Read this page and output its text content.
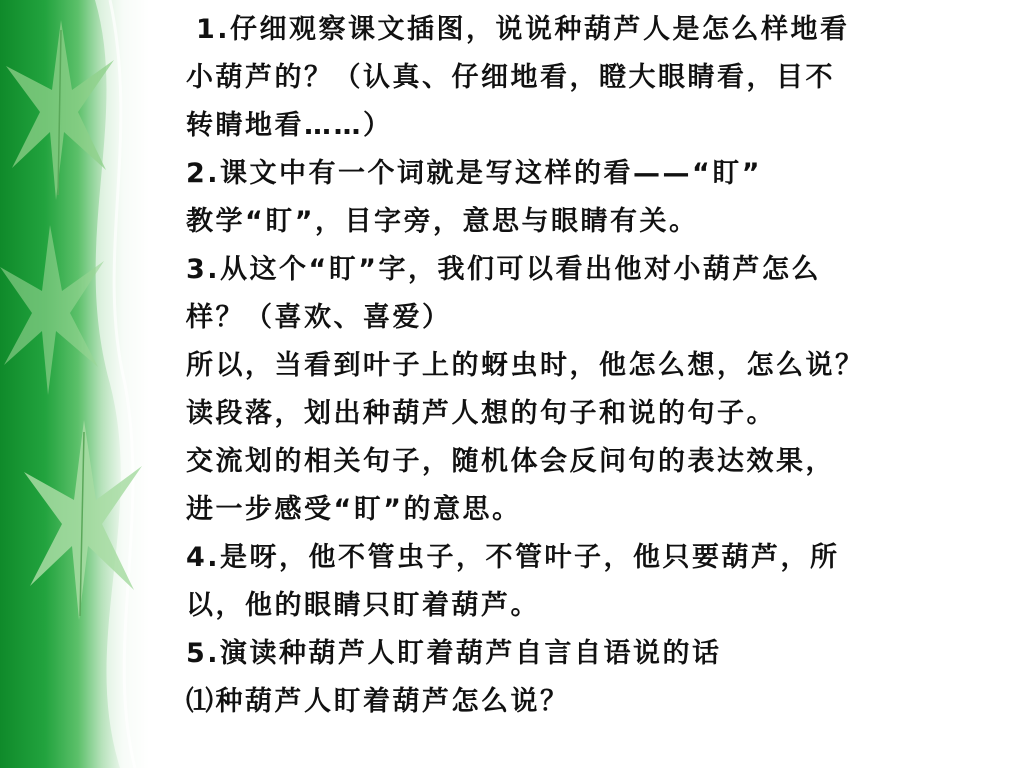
1.仔细观察课文插图，说说种葫芦人是怎么样地看
小葫芦的？（认真、仔细地看，瞪大眼睛看，目不
转睛地看……）
2.课文中有一个词就是写这样的看——“盯”
教学“盯”，目字旁，意思与眼睛有关。
3.从这个“盯”字，我们可以看出他对小葫芦怎么
样？（喜欢、喜爱）
所以，当看到叶子上的蚜虫时，他怎么想，怎么说？
读段落，划出种葫芦人想的句子和说的句子。
交流划的相关句子，随机体会反问句的表达效果，
进一步感受“盯”的意思。
4.是呀，他不管虫子，不管叶子，他只要葫芦，所
以，他的眼睛只盯着葫芦。
5.演读种葫芦人盯着葫芦自言自语说的话
⑴种葫芦人盯着葫芦怎么说？
